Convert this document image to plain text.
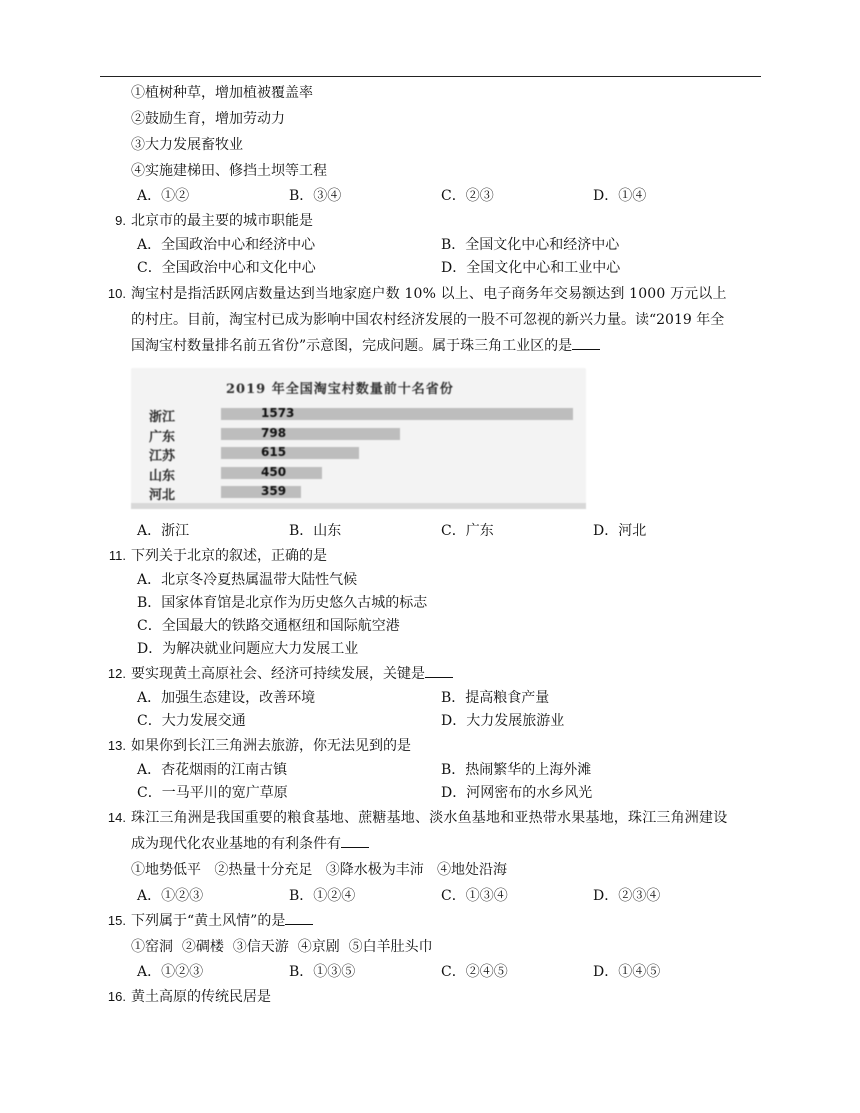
①植树种草，增加植被覆盖率
②鼓励生育，增加劳动力
③大力发展畜牧业
④实施建梯田、修挡土坝等工程
A．①②	B．③④	C．②③	D．①④
9. 北京市的最主要的城市职能是
A．全国政治中心和经济中心	B．全国文化中心和经济中心
C．全国政治中心和文化中心	D．全国文化中心和工业中心
10. 淘宝村是指活跃网店数量达到当地家庭户数 10% 以上、电子商务年交易额达到 1000 万元以上
的村庄。目前，淘宝村已成为影响中国农村经济发展的一股不可忽视的新兴力量。读“2019 年全
国淘宝村数量排名前五省份”示意图，完成问题。属于珠三角工业区的是
2019 年全国淘宝村数量前十名省份
浙江	1573
广东	798
江苏	615
山东	450
河北	359
A．浙江	B．山东	C．广东	D．河北
11. 下列关于北京的叙述，正确的是
A．北京冬冷夏热属温带大陆性气候
B．国家体育馆是北京作为历史悠久古城的标志
C．全国最大的铁路交通枢纽和国际航空港
D．为解决就业问题应大力发展工业
12. 要实现黄土高原社会、经济可持续发展，关键是
A．加强生态建设，改善环境	B．提高粮食产量
C．大力发展交通	D．大力发展旅游业
13. 如果你到长江三角洲去旅游，你无法见到的是
A．杏花烟雨的江南古镇	B．热闹繁华的上海外滩
C．一马平川的宽广草原	D．河网密布的水乡风光
14. 珠江三角洲是我国重要的粮食基地、蔗糖基地、淡水鱼基地和亚热带水果基地，珠江三角洲建设
成为现代化农业基地的有利条件有
①地势低平   ②热量十分充足   ③降水极为丰沛   ④地处沿海
A．①②③	B．①②④	C．①③④	D．②③④
15. 下列属于“黄土风情”的是
①窑洞  ②碉楼  ③信天游  ④京剧  ⑤白羊肚头巾
A．①②③	B．①③⑤	C．②④⑤	D．①④⑤
16. 黄土高原的传统民居是
